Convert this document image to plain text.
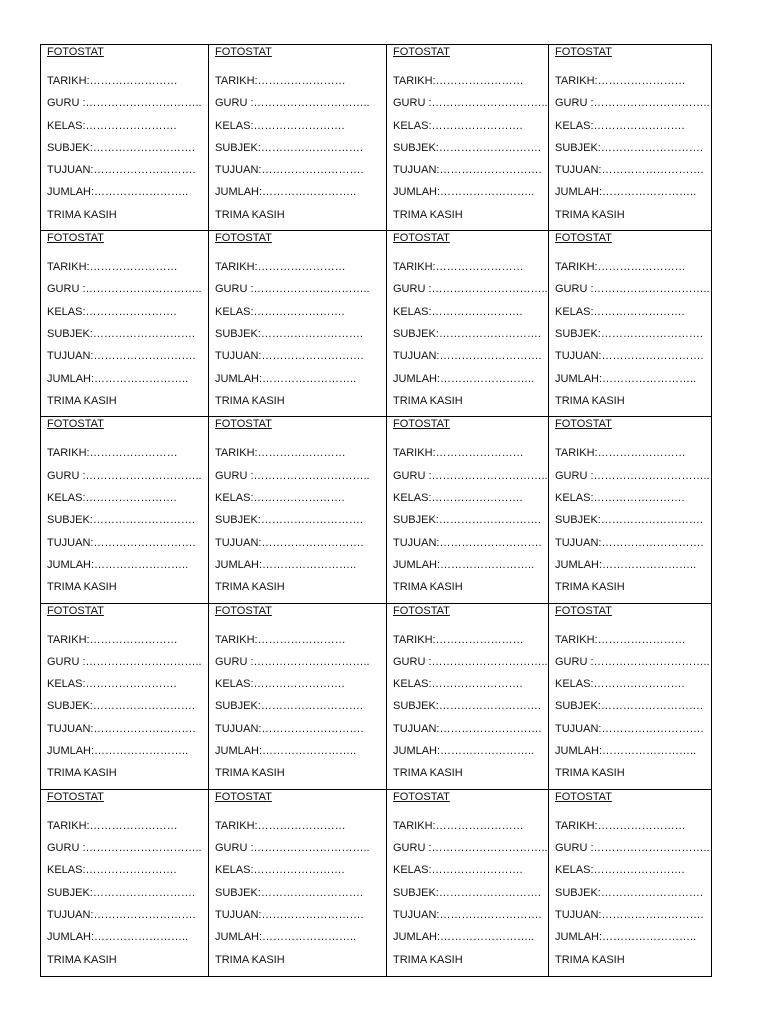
FOTOSTAT
TARIKH:……………………
GURU :…………………………..
KELAS:…………………….
SUBJEK:……………………….
TUJUAN:……………………….
JUMLAH:……………………..
TRIMA KASIH
FOTOSTAT
TARIKH:……………………
GURU :…………………………..
KELAS:…………………….
SUBJEK:……………………….
TUJUAN:……………………….
JUMLAH:……………………..
TRIMA KASIH
FOTOSTAT
TARIKH:……………………
GURU :…………………………..
KELAS:…………………….
SUBJEK:……………………….
TUJUAN:……………………….
JUMLAH:……………………..
TRIMA KASIH
FOTOSTAT
TARIKH:……………………
GURU :…………………………..
KELAS:…………………….
SUBJEK:……………………….
TUJUAN:……………………….
JUMLAH:……………………..
TRIMA KASIH
FOTOSTAT
TARIKH:……………………
GURU :…………………………..
KELAS:…………………….
SUBJEK:……………………….
TUJUAN:……………………….
JUMLAH:……………………..
TRIMA KASIH
FOTOSTAT
TARIKH:……………………
GURU :…………………………..
KELAS:…………………….
SUBJEK:……………………….
TUJUAN:……………………….
JUMLAH:……………………..
TRIMA KASIH
FOTOSTAT
TARIKH:……………………
GURU :…………………………..
KELAS:…………………….
SUBJEK:……………………….
TUJUAN:……………………….
JUMLAH:……………………..
TRIMA KASIH
FOTOSTAT
TARIKH:……………………
GURU :…………………………..
KELAS:…………………….
SUBJEK:……………………….
TUJUAN:……………………….
JUMLAH:……………………..
TRIMA KASIH
FOTOSTAT
TARIKH:……………………
GURU :…………………………..
KELAS:…………………….
SUBJEK:……………………….
TUJUAN:……………………….
JUMLAH:……………………..
TRIMA KASIH
FOTOSTAT
TARIKH:……………………
GURU :…………………………..
KELAS:…………………….
SUBJEK:……………………….
TUJUAN:……………………….
JUMLAH:……………………..
TRIMA KASIH
FOTOSTAT
TARIKH:……………………
GURU :…………………………..
KELAS:…………………….
SUBJEK:……………………….
TUJUAN:……………………….
JUMLAH:……………………..
TRIMA KASIH
FOTOSTAT
TARIKH:……………………
GURU :…………………………..
KELAS:…………………….
SUBJEK:……………………….
TUJUAN:……………………….
JUMLAH:……………………..
TRIMA KASIH
FOTOSTAT
TARIKH:……………………
GURU :…………………………..
KELAS:…………………….
SUBJEK:……………………….
TUJUAN:……………………….
JUMLAH:……………………..
TRIMA KASIH
FOTOSTAT
TARIKH:……………………
GURU :…………………………..
KELAS:…………………….
SUBJEK:……………………….
TUJUAN:……………………….
JUMLAH:……………………..
TRIMA KASIH
FOTOSTAT
TARIKH:……………………
GURU :…………………………..
KELAS:…………………….
SUBJEK:……………………….
TUJUAN:……………………….
JUMLAH:……………………..
TRIMA KASIH
FOTOSTAT
TARIKH:……………………
GURU :…………………………..
KELAS:…………………….
SUBJEK:……………………….
TUJUAN:……………………….
JUMLAH:……………………..
TRIMA KASIH
FOTOSTAT
TARIKH:……………………
GURU :…………………………..
KELAS:…………………….
SUBJEK:……………………….
TUJUAN:……………………….
JUMLAH:……………………..
TRIMA KASIH
FOTOSTAT
TARIKH:……………………
GURU :…………………………..
KELAS:…………………….
SUBJEK:……………………….
TUJUAN:……………………….
JUMLAH:……………………..
TRIMA KASIH
FOTOSTAT
TARIKH:……………………
GURU :…………………………..
KELAS:…………………….
SUBJEK:……………………….
TUJUAN:……………………….
JUMLAH:……………………..
TRIMA KASIH
FOTOSTAT
TARIKH:……………………
GURU :…………………………..
KELAS:…………………….
SUBJEK:……………………….
TUJUAN:……………………….
JUMLAH:……………………..
TRIMA KASIH
